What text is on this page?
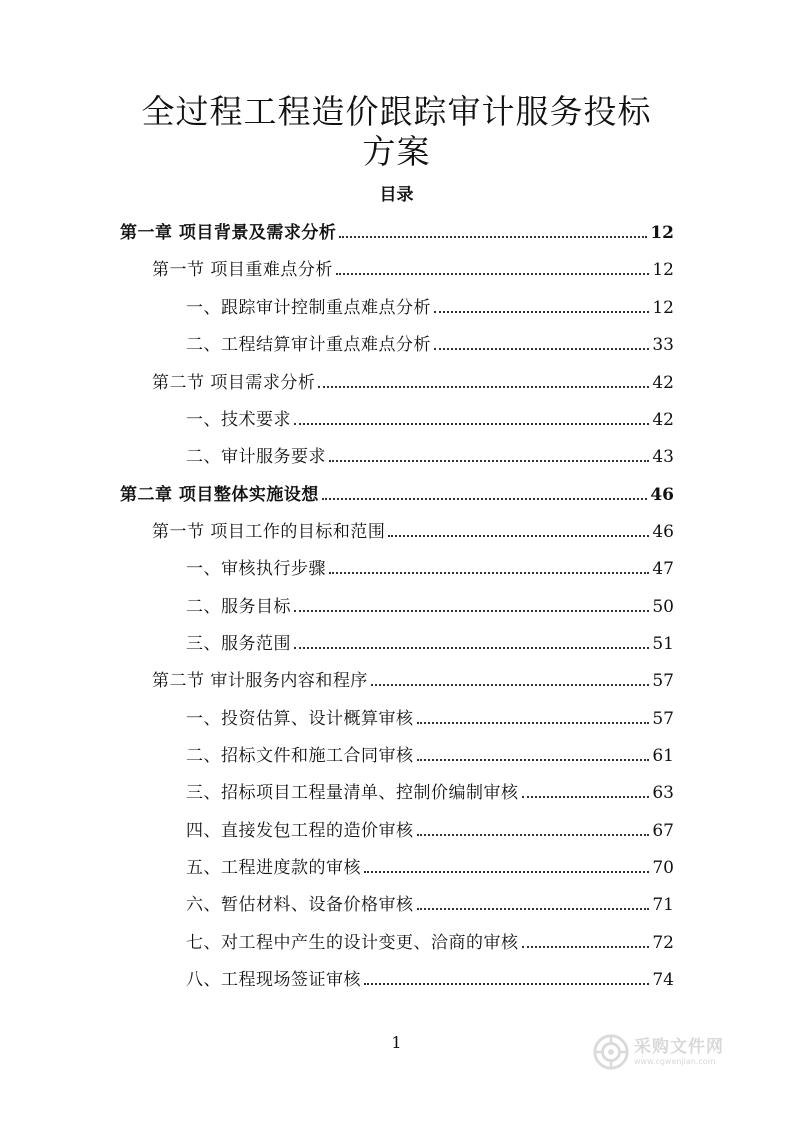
全过程工程造价跟踪审计服务投标
方案
目录
第一章 项目背景及需求分析	12
第一节 项目重难点分析	12
一、跟踪审计控制重点难点分析	12
二、工程结算审计重点难点分析	33
第二节 项目需求分析	42
一、技术要求	42
二、审计服务要求	43
第二章 项目整体实施设想	46
第一节 项目工作的目标和范围	46
一、审核执行步骤	47
二、服务目标	50
三、服务范围	51
第二节 审计服务内容和程序	57
一、投资估算、设计概算审核	57
二、招标文件和施工合同审核	61
三、招标项目工程量清单、控制价编制审核	63
四、直接发包工程的造价审核	67
五、工程进度款的审核	70
六、暂估材料、设备价格审核	71
七、对工程中产生的设计变更、洽商的审核	72
八、工程现场签证审核	74
1	采购文件网
www.cgwenjian.com
